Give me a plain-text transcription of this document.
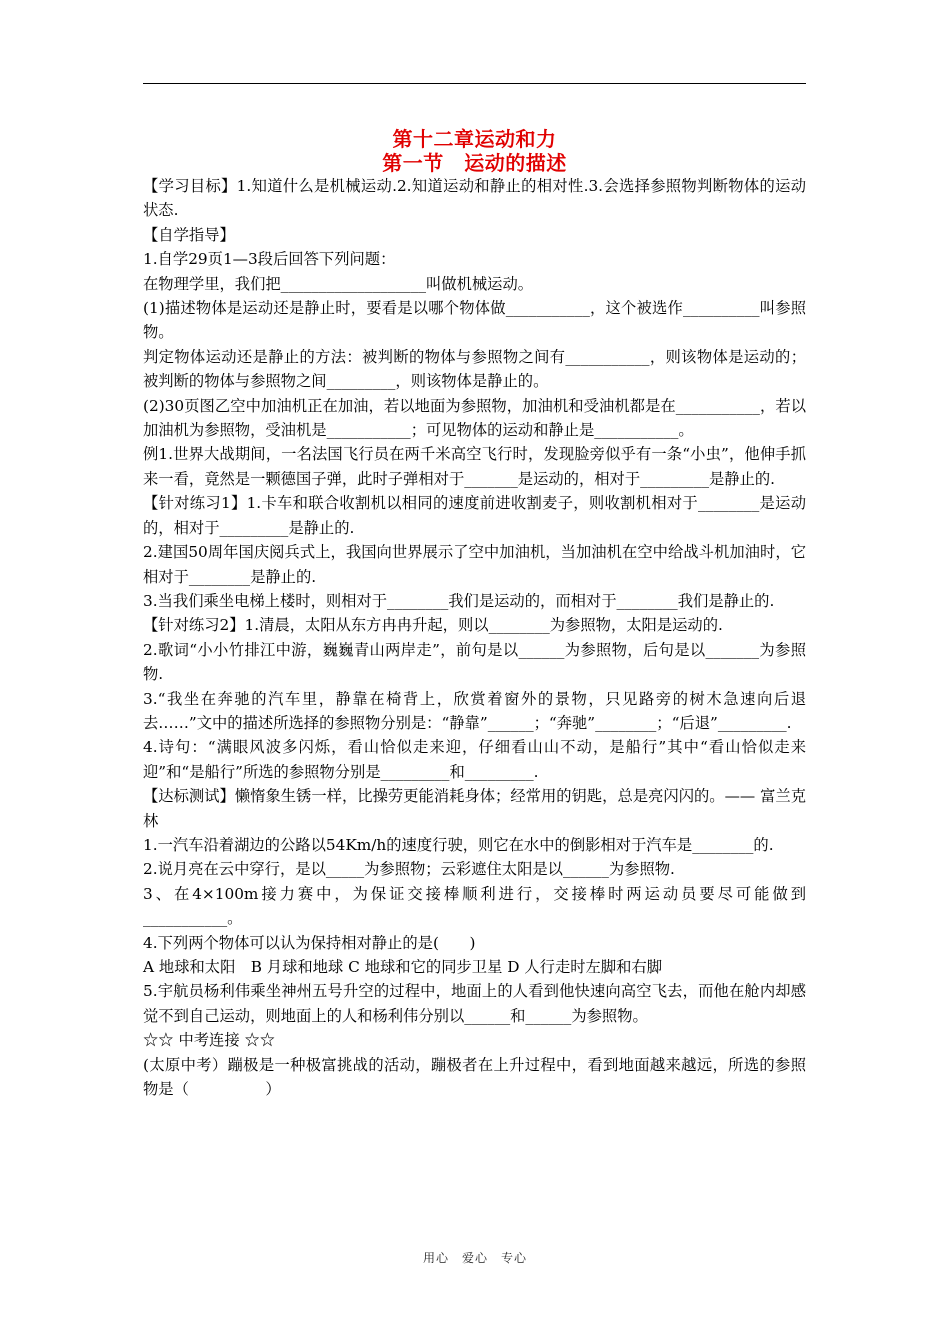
第十二章运动和力
第一节　运动的描述

【学习目标】1.知道什么是机械运动.2.知道运动和静止的相对性.3.会选择参照物判断物体的运动状态.

【自学指导】

1.自学29页1—3段后回答下列问题：

在物理学里，我们把___________________叫做机械运动。

(1)描述物体是运动还是静止时，要看是以哪个物体做___________，这个被选作__________叫参照物。

判定物体运动还是静止的方法：被判断的物体与参照物之间有___________，则该物体是运动的；被判断的物体与参照物之间_________，则该物体是静止的。

(2)30页图乙空中加油机正在加油，若以地面为参照物，加油机和受油机都是在___________，若以加油机为参照物，受油机是___________；可见物体的运动和静止是___________。

例1.世界大战期间，一名法国飞行员在两千米高空飞行时，发现脸旁似乎有一条“小虫”，他伸手抓来一看，竟然是一颗德国子弹，此时子弹相对于_______是运动的，相对于_________是静止的.

【针对练习1】1.卡车和联合收割机以相同的速度前进收割麦子，则收割机相对于________是运动的，相对于_________是静止的.

2.建国50周年国庆阅兵式上，我国向世界展示了空中加油机，当加油机在空中给战斗机加油时，它相对于________是静止的.

3.当我们乘坐电梯上楼时，则相对于________我们是运动的，而相对于________我们是静止的.

【针对练习2】1.清晨，太阳从东方冉冉升起，则以________为参照物，太阳是运动的.

2.歌词“小小竹排江中游，巍巍青山两岸走”，前句是以______为参照物，后句是以_______为参照物.

3.“我坐在奔驰的汽车里，静靠在椅背上，欣赏着窗外的景物，只见路旁的树木急速向后退去……”文中的描述所选择的参照物分别是：“静靠”______；“奔驰”________；“后退”_________.

4.诗句：“满眼风波多闪烁，看山恰似走来迎，仔细看山山不动，是船行”其中“看山恰似走来迎”和“是船行”所选的参照物分别是_________和_________.

【达标测试】懒惰象生锈一样，比操劳更能消耗身体；经常用的钥匙，总是亮闪闪的。—— 富兰克林

1.一汽车沿着湖边的公路以54Km/h的速度行驶，则它在水中的倒影相对于汽车是________的.

2.说月亮在云中穿行，是以_____为参照物；云彩遮住太阳是以______为参照物.

3、在4×100m接力赛中，为保证交接棒顺利进行，交接棒时两运动员要尽可能做到___________。

4.下列两个物体可以认为保持相对静止的是(　　)

A 地球和太阳　B 月球和地球 C 地球和它的同步卫星 D 人行走时左脚和右脚

5.宇航员杨利伟乘坐神州五号升空的过程中，地面上的人看到他快速向高空飞去，而他在舱内却感觉不到自己运动，则地面上的人和杨利伟分别以______和______为参照物。

☆☆ 中考连接 ☆☆

(太原中考）蹦极是一种极富挑战的活动，蹦极者在上升过程中，看到地面越来越远，所选的参照物是（　　　　　）

用心　爱心　专心
